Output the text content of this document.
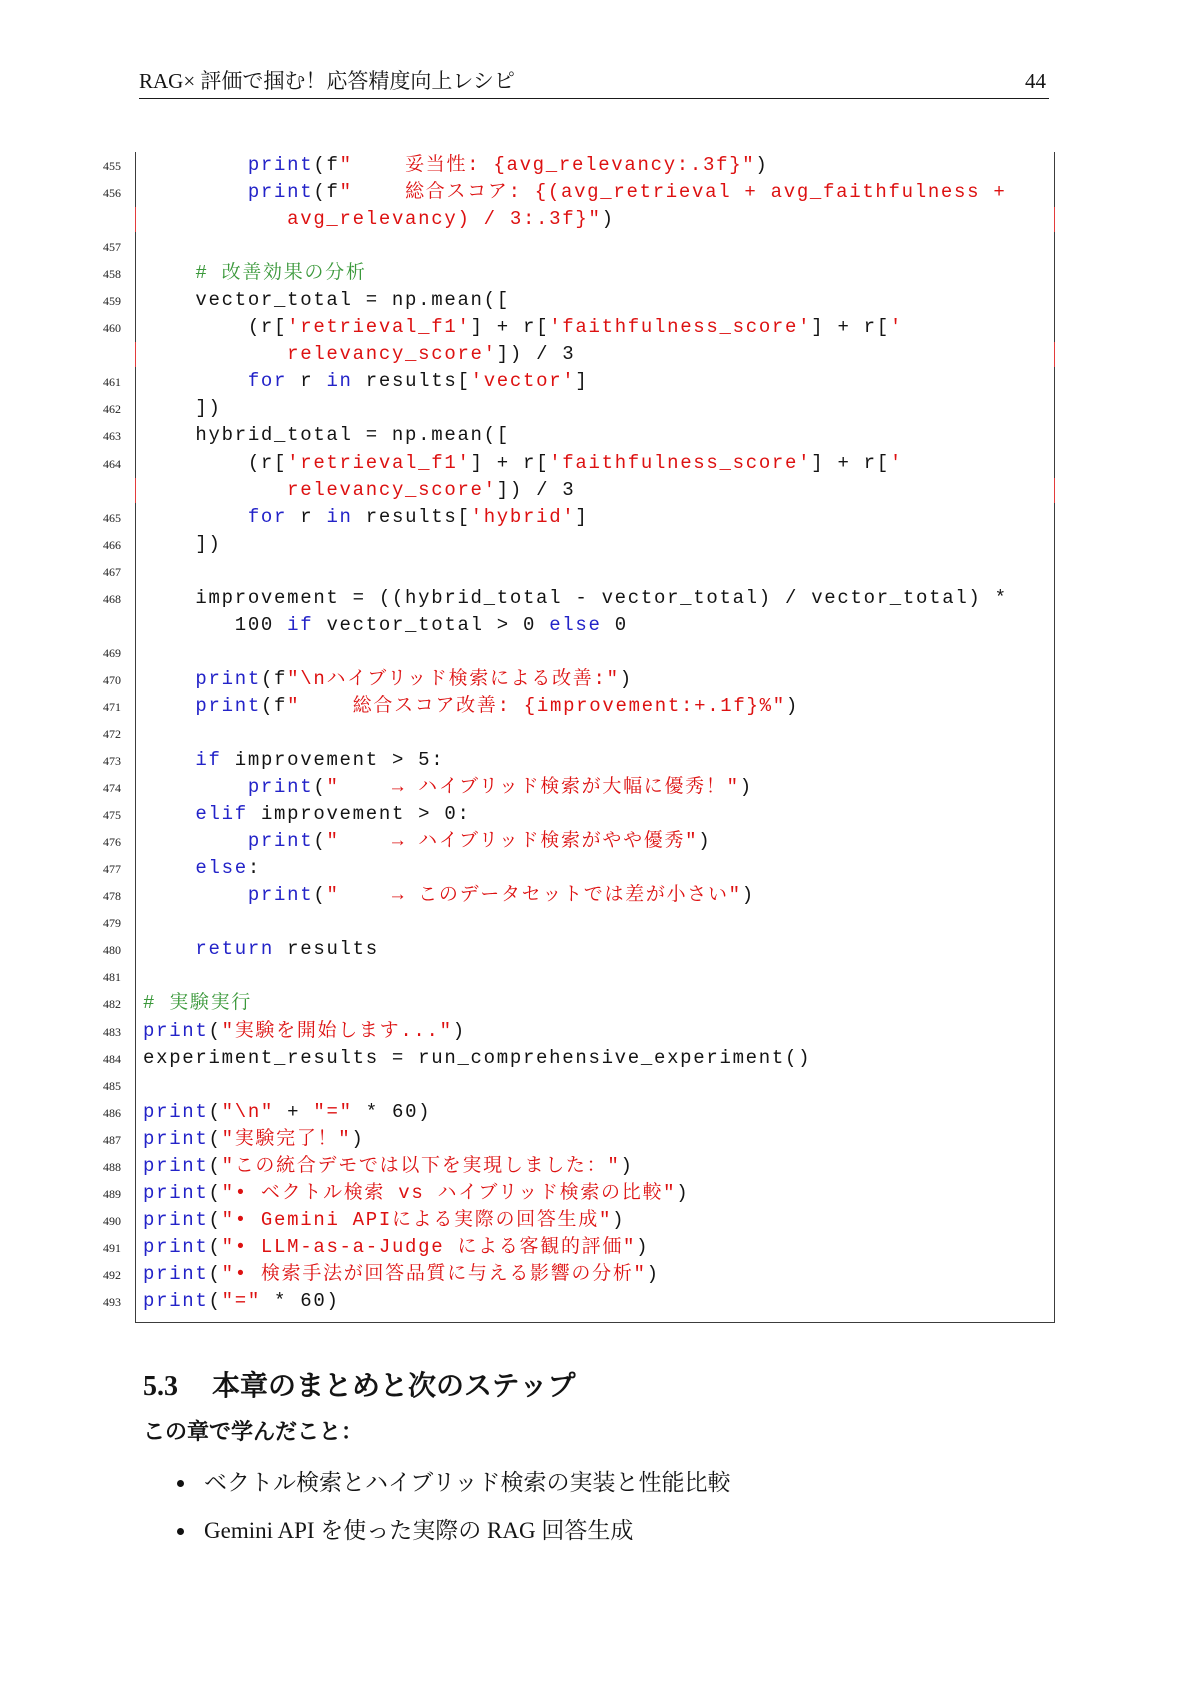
RAG× 評価で掴む！応答精度向上レシピ	44
455	print(f"    妥当性: {avg_relevancy:.3f}")
456	print(f"    総合スコア: {(avg_retrieval + avg_faithfulness +
avg_relevancy) / 3:.3f}")
457
458	# 改善効果の分析
459 vector_total = np.mean([
460 (r['retrieval_f1'] + r['faithfulness_score'] + r['
relevancy_score']) / 3
461	for r in results['vector']
462 ])
463 hybrid_total = np.mean([
464 (r['retrieval_f1'] + r['faithfulness_score'] + r['
relevancy_score']) / 3
465	for r in results['hybrid']
466 ])
467
468 improvement = ((hybrid_total - vector_total) / vector_total) *
100 if vector_total > 0 else 0
469
470	print(f"\nハイブリッド検索による改善:")
471	print(f"    総合スコア改善: {improvement:+.1f}%")
472
473	if improvement > 5:
474	print("    → ハイブリッド検索が大幅に優秀！")
475	elif improvement > 0:
476	print("    → ハイブリッド検索がやや優秀")
477	else:
478	print("    → このデータセットでは差が小さい")
479
480	return results
481
482 # 実験実行
483 print("実験を開始します...")
484 experiment_results = run_comprehensive_experiment()
485
486 print("\n" + "=" * 60)
487 print("実験完了！")
488 print("この統合デモでは以下を実現しました：")
489 print("• ベクトル検索 vs ハイブリッド検索の比較")
490 print("• Gemini APIによる実際の回答生成")
491 print("• LLM-as-a-Judge による客観的評価")
492 print("• 検索手法が回答品質に与える影響の分析")
493 print("=" * 60)
5.3 本章のまとめと次のステップ
この章で学んだこと：
ベクトル検索とハイブリッド検索の実装と性能比較
Gemini API を使った実際の RAG 回答生成
